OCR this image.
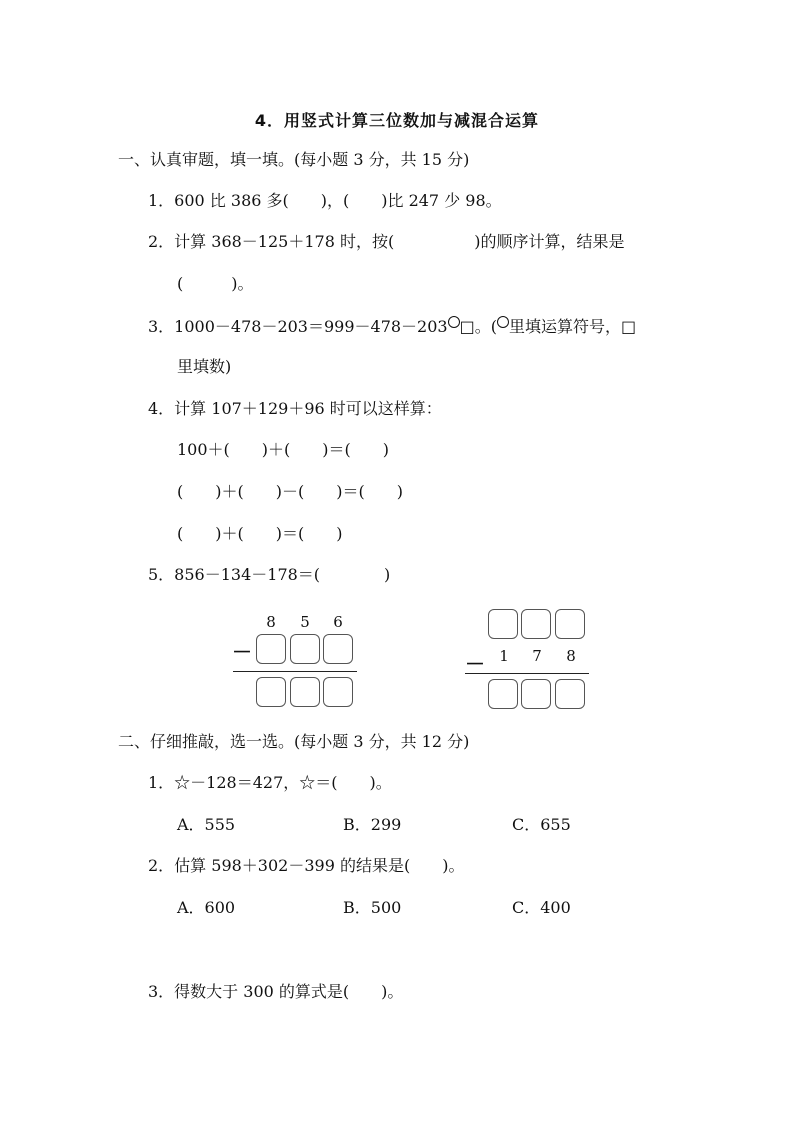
4．用竖式计算三位数加与减混合运算
一、认真审题，填一填。(每小题 3 分，共 15 分)
1．600 比 386 多(　　)，(　　)比 247 少 98。
2．计算 368－125＋178 时，按(　　　　　)的顺序计算，结果是
(　　　)。
3．1000－478－203＝999－478－203 □。( 里填运算符号，□
里填数)
4．计算 107＋129＋96 时可以这样算：
100＋(　　)＋(　　)＝(　　)
(　　)＋(　　)－(　　)＝(　　)
(　　)＋(　　)＝(　　)
5．856－134－178＝(　　　　)
8	5	6
－	－ 1	7	8
二、仔细推敲，选一选。(每小题 3 分，共 12 分)
1．☆－128＝427，☆＝(　　)。
A．555	B．299	C．655
2．估算 598＋302－399 的结果是(　　)。
A．600	B．500	C．400
3．得数大于 300 的算式是(　　)。
